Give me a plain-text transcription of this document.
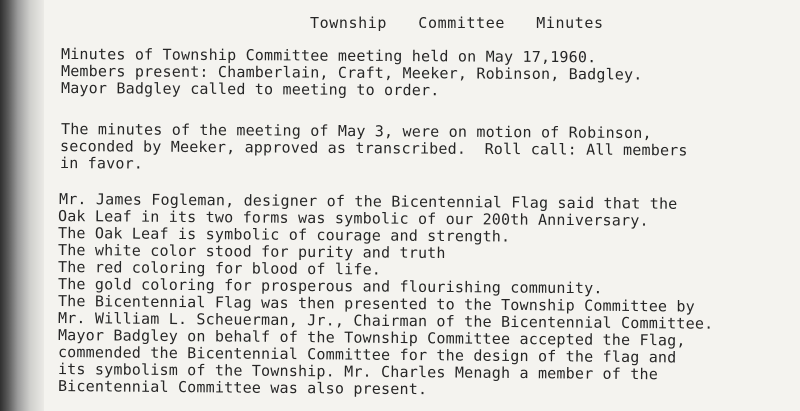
Township  Committee  Minutes
Minutes of Township Committee meeting held on May 17,1960.
Members present: Chamberlain, Craft, Meeker, Robinson, Badgley.
Mayor Badgley called to meeting to order.
The minutes of the meeting of May 3, were on motion of Robinson,
seconded by Meeker, approved as transcribed.  Roll call: All members
in favor.
Mr. James Fogleman, designer of the Bicentennial Flag said that the
Oak Leaf in its two forms was symbolic of our 200th Anniversary.
The Oak Leaf is symbolic of courage and strength.
The white color stood for purity and truth
The red coloring for blood of life.
The gold coloring for prosperous and flourishing community.
The Bicentennial Flag was then presented to the Township Committee by
Mr. William L. Scheuerman, Jr., Chairman of the Bicentennial Committee.
Mayor Badgley on behalf of the Township Committee accepted the Flag,
commended the Bicentennial Committee for the design of the flag and
its symbolism of the Township. Mr. Charles Menagh a member of the
Bicentennial Committee was also present.
